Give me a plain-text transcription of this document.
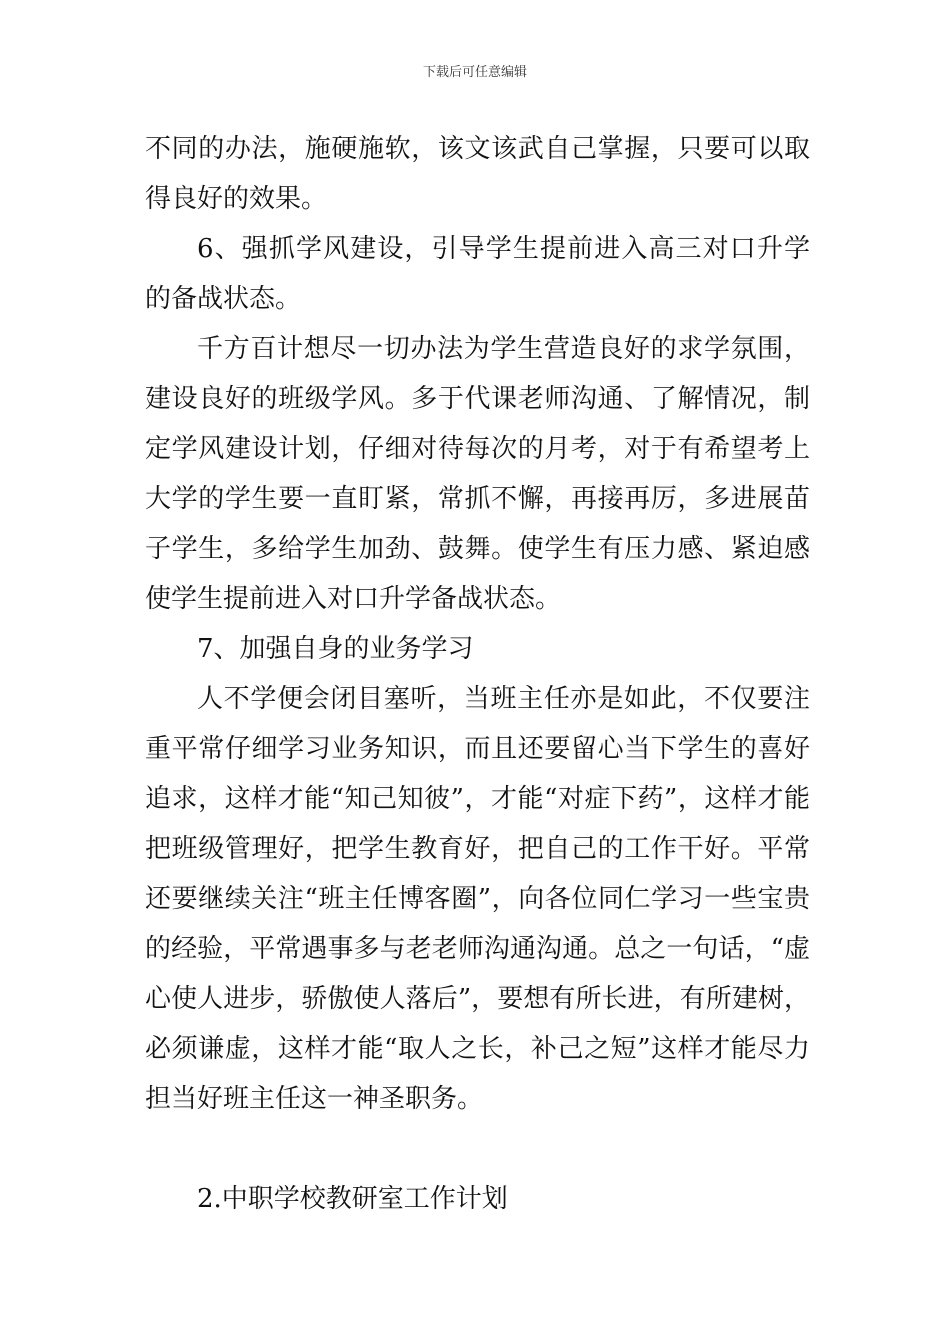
下载后可任意编辑

不同的办法，施硬施软，该文该武自己掌握，只要可以取得良好的效果。

6、强抓学风建设，引导学生提前进入高三对口升学的备战状态。

千方百计想尽一切办法为学生营造良好的求学氛围，建设良好的班级学风。多于代课老师沟通、了解情况，制定学风建设计划，仔细对待每次的月考，对于有希望考上大学的学生要一直盯紧，常抓不懈，再接再厉，多进展苗子学生，多给学生加劲、鼓舞。使学生有压力感、紧迫感使学生提前进入对口升学备战状态。

7、加强自身的业务学习

人不学便会闭目塞听，当班主任亦是如此，不仅要注重平常仔细学习业务知识，而且还要留心当下学生的喜好追求，这样才能“知己知彼”，才能“对症下药”，这样才能把班级管理好，把学生教育好，把自己的工作干好。平常还要继续关注“班主任博客圈”，向各位同仁学习一些宝贵的经验，平常遇事多与老老师沟通沟通。总之一句话，“虚心使人进步，骄傲使人落后”，要想有所长进，有所建树，必须谦虚，这样才能“取人之长，补己之短”这样才能尽力担当好班主任这一神圣职务。

2.中职学校教研室工作计划
